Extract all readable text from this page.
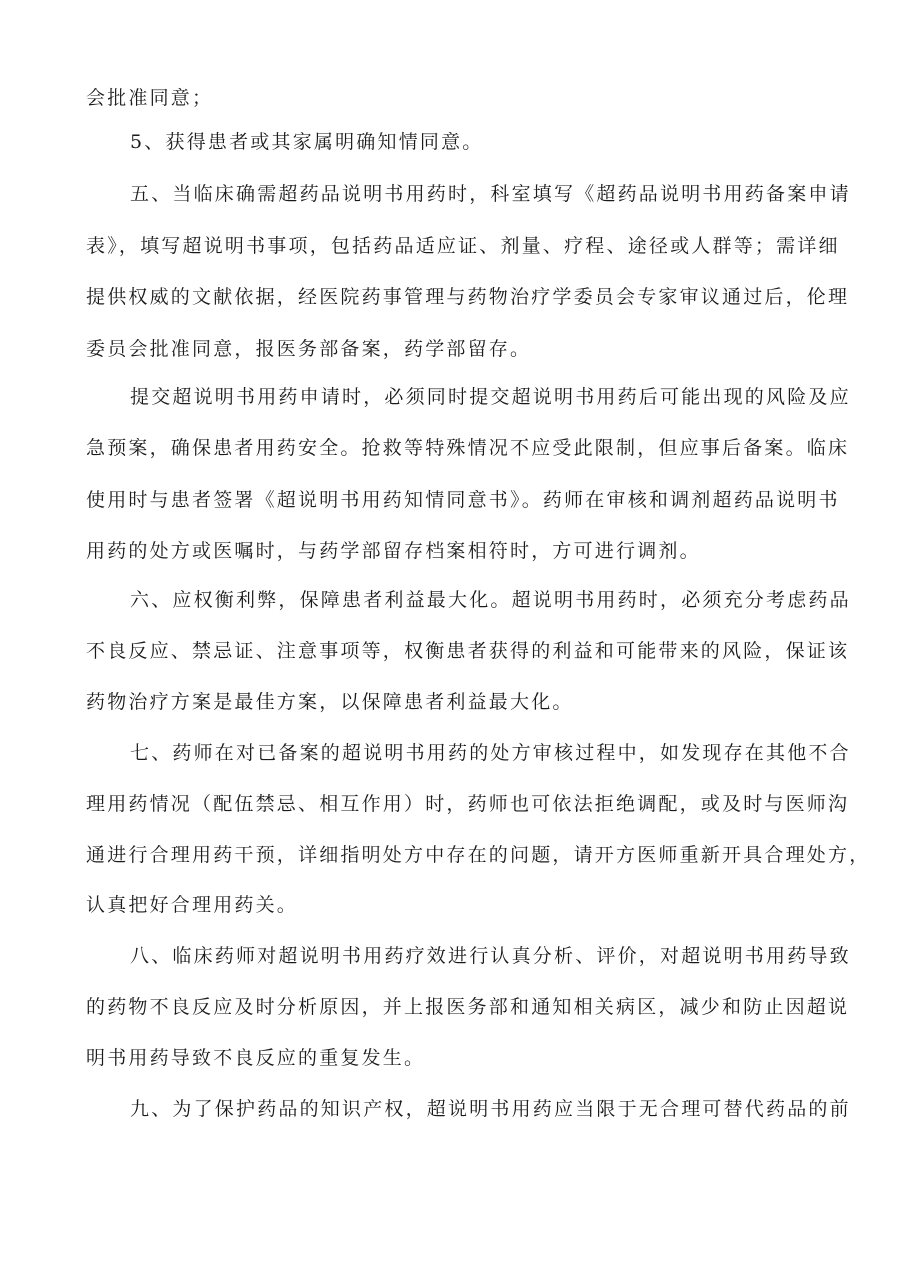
会批准同意；
5、获得患者或其家属明确知情同意。
五、当临床确需超药品说明书用药时，科室填写《超药品说明书用药备案申请
表》，填写超说明书事项，包括药品适应证、剂量、疗程、途径或人群等；需详细
提供权威的文献依据，经医院药事管理与药物治疗学委员会专家审议通过后，伦理
委员会批准同意，报医务部备案，药学部留存。
提交超说明书用药申请时，必须同时提交超说明书用药后可能出现的风险及应
急预案，确保患者用药安全。抢救等特殊情况不应受此限制，但应事后备案。临床
使用时与患者签署《超说明书用药知情同意书》。药师在审核和调剂超药品说明书
用药的处方或医嘱时，与药学部留存档案相符时，方可进行调剂。
六、应权衡利弊，保障患者利益最大化。超说明书用药时，必须充分考虑药品
不良反应、禁忌证、注意事项等，权衡患者获得的利益和可能带来的风险，保证该
药物治疗方案是最佳方案，以保障患者利益最大化。
七、药师在对已备案的超说明书用药的处方审核过程中，如发现存在其他不合
理用药情况（配伍禁忌、相互作用）时，药师也可依法拒绝调配，或及时与医师沟
通进行合理用药干预，详细指明处方中存在的问题，请开方医师重新开具合理处方，
认真把好合理用药关。
八、临床药师对超说明书用药疗效进行认真分析、评价，对超说明书用药导致
的药物不良反应及时分析原因，并上报医务部和通知相关病区，减少和防止因超说
明书用药导致不良反应的重复发生。
九、为了保护药品的知识产权，超说明书用药应当限于无合理可替代药品的前
